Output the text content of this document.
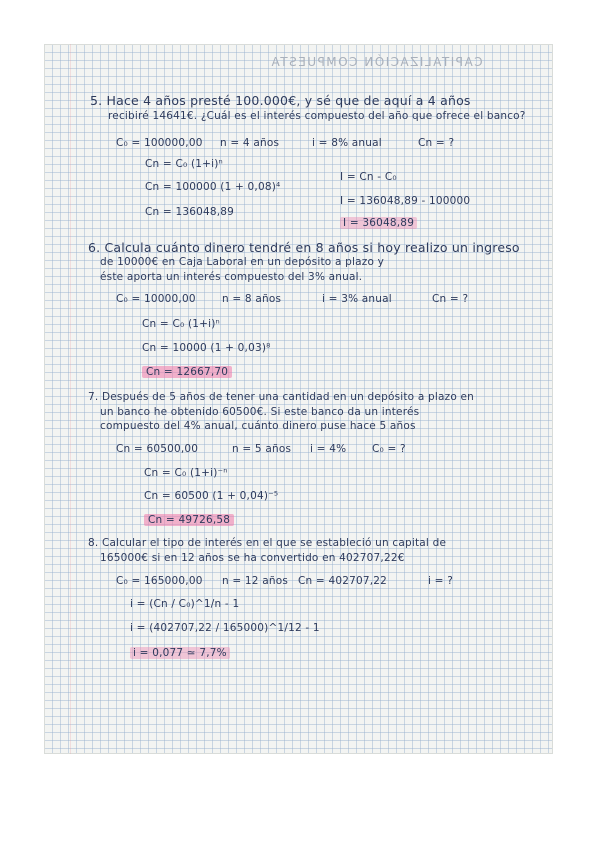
CAPITALIZACIÓN COMPUESTA
5. Hace 4 años presté 100.000€, y sé que de aquí a 4 años
recibiré 14641€. ¿Cuál es el interés compuesto del año que ofrece el banco?
C₀ = 100000,00 n = 4 años	i = 8% anual	Cn = ?
Cn = C₀ (1+i)ⁿ
Cn = 100000 (1 + 0,08)⁴
Cn = 136048,89
I = Cn - C₀
I = 136048,89 - 100000
I = 36048,89
6. Calcula cuánto dinero tendré en 8 años si hoy realizo un ingreso
de 10000€ en Caja Laboral en un depósito a plazo y
éste aporta un interés compuesto del 3% anual.
C₀ = 10000,00	n = 8 años	i = 3% anual	Cn = ?
Cn = C₀ (1+i)ⁿ
Cn = 10000 (1 + 0,03)⁸
Cn = 12667,70
7. Después de 5 años de tener una cantidad en un depósito a plazo en
un banco he obtenido 60500€. Si este banco da un interés
compuesto del 4% anual, cuánto dinero puse hace 5 años
Cn = 60500,00	n = 5 años i = 4% C₀ = ?
Cn = C₀ (1+i)⁻ⁿ
Cn = 60500 (1 + 0,04)⁻⁵
Cn = 49726,58
8. Calcular el tipo de interés en el que se estableció un capital de
165000€ si en 12 años se ha convertido en 402707,22€
C₀ = 165000,00 n = 12 años Cn = 402707,22	i = ?
i = (Cn / C₀)^1/n - 1
i = (402707,22 / 165000)^1/12 - 1
i = 0,077 ≃ 7,7%
